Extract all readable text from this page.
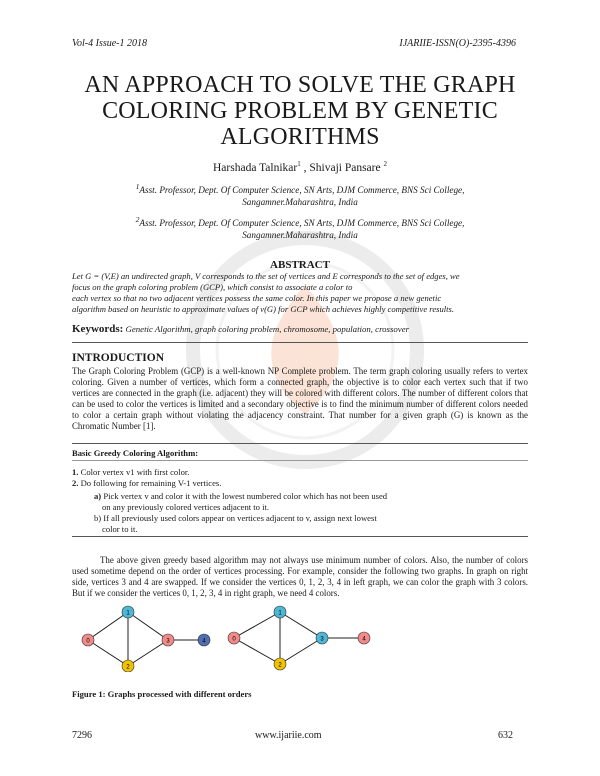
Vol-4 Issue-1 2018	IJARIIE-ISSN(O)-2395-4396
AN APPROACH TO SOLVE THE GRAPH
COLORING PROBLEM BY GENETIC
ALGORITHMS
Harshada Talnikar$^1$ , Shivaji Pansare $^2$
$^1$Asst. Professor, Dept. Of Computer Science, SN Arts, DJM Commerce, BNS Sci College,
Sangamner.Maharashtra, India
$^2$Asst. Professor, Dept. Of Computer Science, SN Arts, DJM Commerce, BNS Sci College,
Sangamner.Maharashtra, India
ABSTRACT
Let G = (V,E) an undirected graph, V corresponds to the set of vertices and E corresponds to the set of edges, we
focus on the graph coloring problem (GCP), which consist to associate a color to
each vertex so that no two adjacent vertices possess the same color. In this paper we propose a new genetic
algorithm based on heuristic to approximate values of v(G) for GCP which achieves highly competitive results.
Keywords: Genetic Algorithm, graph coloring problem, chromosome, population, crossover
INTRODUCTION
The Graph Coloring Problem (GCP) is a well-known NP Complete problem. The term graph coloring usually refers to vertex coloring. Given a number of vertices, which form a connected graph, the objective is to color each vertex such that if two vertices are connected in the graph (i.e. adjacent) they will be colored with different colors. The number of different colors that can be used to color the vertices is limited and a secondary objective is to find the minimum number of different colors needed to color a certain graph without violating the adjacency constraint. That number for a given graph (G) is known as the Chromatic Number [1].
Basic Greedy Coloring Algorithm:
1. Color vertex v1 with first color.
2. Do following for remaining V-1 vertices.
a) Pick vertex v and color it with the lowest numbered color which has not been used
on any previously colored vertices adjacent to it.
b) If all previously used colors appear on vertices adjacent to v, assign next lowest
color to it.
The above given greedy based algorithm may not always use minimum number of colors. Also, the number of colors used sometime depend on the order of vertices processing. For example, consider the following two graphs. In graph on right side, vertices 3 and 4 are swapped. If we consider the vertices 0, 1, 2, 3, 4 in left graph, we can color the graph with 3 colors. But if we consider the vertices 0, 1, 2, 3, 4 in right graph, we need 4 colors.
0
1
2
3	4	0
1
2
3	4
Figure 1: Graphs processed with different orders
7296	www.ijariie.com	632
